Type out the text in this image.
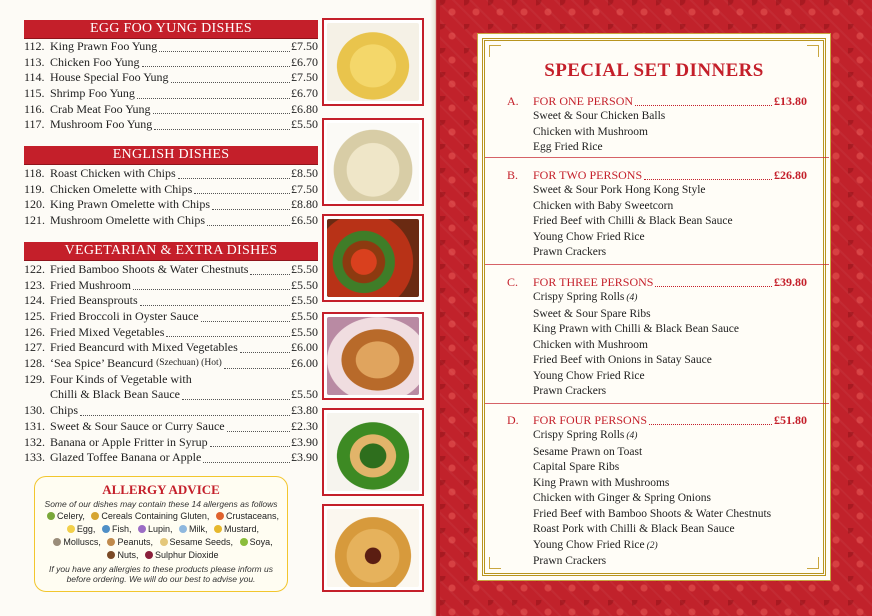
EGG FOO YUNG DISHES
112. King Prawn Foo Yung	£7.50
113. Chicken Foo Yung	£6.70
114. House Special Foo Yung	£7.50
115. Shrimp Foo Yung	£6.70
116. Crab Meat Foo Yung	£6.80
117. Mushroom Foo Yung	£5.50
ENGLISH DISHES
118. Roast Chicken with Chips	£8.50
119. Chicken Omelette with Chips	£7.50
120. King Prawn Omelette with Chips	£8.80
121. Mushroom Omelette with Chips	£6.50
VEGETARIAN & EXTRA DISHES
122. Fried Bamboo Shoots & Water Chestnuts	£5.50
123. Fried Mushroom	£5.50
124. Fried Beansprouts	£5.50
125. Fried Broccoli in Oyster Sauce	£5.50
126. Fried Mixed Vegetables	£5.50
127. Fried Beancurd with Mixed Vegetables	£6.00
128. ‘Sea Spice’ Beancurd (Szechuan) (Hot)	£6.00
129. Four Kinds of Vegetable with
Chilli & Black Bean Sauce	£5.50
130. Chips	£3.80
131. Sweet & Sour Sauce or Curry Sauce	£2.30
132. Banana or Apple Fritter in Syrup	£3.90
133. Glazed Toffee Banana or Apple	£3.90
ALLERGY ADVICE
Some of our dishes may contain these 14 allergens as follows
Celery, Cereals Containing Gluten, Crustaceans,
Egg, Fish, Lupin, Milk, Mustard,
Molluscs, Peanuts, Sesame Seeds, Soya,
Nuts, Sulphur Dioxide
If you have any allergies to these products please inform us
before ordering. We will do our best to advise you.
SPECIAL SET DINNERS
A.	FOR ONE PERSON	£13.80
Sweet & Sour Chicken Balls
Chicken with Mushroom
Egg Fried Rice
B.	FOR TWO PERSONS	£26.80
Sweet & Sour Pork Hong Kong Style
Chicken with Baby Sweetcorn
Fried Beef with Chilli & Black Bean Sauce
Young Chow Fried Rice
Prawn Crackers
C.	FOR THREE PERSONS	£39.80
Crispy Spring Rolls (4)
Sweet & Sour Spare Ribs
King Prawn with Chilli & Black Bean Sauce
Chicken with Mushroom
Fried Beef with Onions in Satay Sauce
Young Chow Fried Rice
Prawn Crackers
D.	FOR FOUR PERSONS	£51.80
Crispy Spring Rolls (4)
Sesame Prawn on Toast
Capital Spare Ribs
King Prawn with Mushrooms
Chicken with Ginger & Spring Onions
Fried Beef with Bamboo Shoots & Water Chestnuts
Roast Pork with Chilli & Black Bean Sauce
Young Chow Fried Rice (2)
Prawn Crackers
